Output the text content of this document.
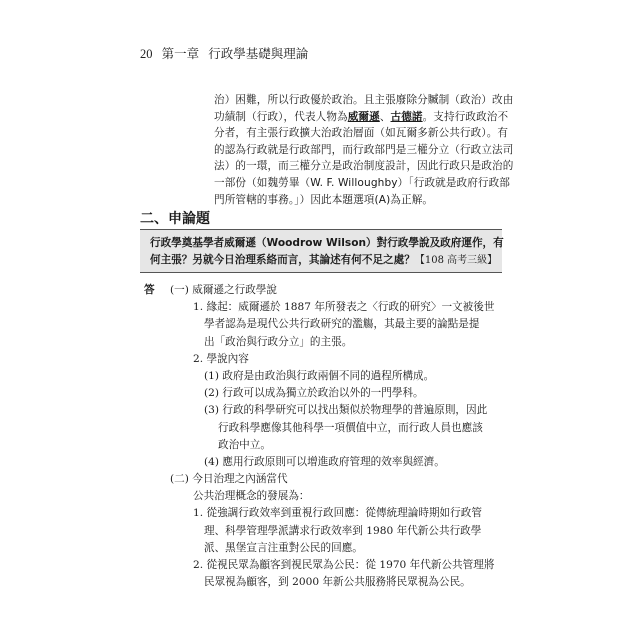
20 第一章 行政學基礎與理論
治）困難，所以行政優於政治。且主張廢除分贓制（政治）改由
功績制（行政），代表人物為威爾遜、古德諾。支持行政政治不
分者，有主張行政擴大治政治層面（如瓦爾多新公共行政）。有
的認為行政就是行政部門，而行政部門是三權分立（行政立法司
法）的一環，而三權分立是政治制度設計，因此行政只是政治的
一部份（如魏勞畢（W. F. Willoughby）「行政就是政府行政部
門所管轄的事務。」）因此本題選項(A)為正解。
二、申論題
行政學奠基學者威爾遜（Woodrow Wilson）對行政學說及政府運作，有
何主張？另就今日治理系絡而言，其論述有何不足之處？【108 高考三級】
答 (一) 威爾遜之行政學說
1. 緣起：威爾遜於 1887 年所發表之〈行政的研究〉一文被後世
學者認為是現代公共行政研究的濫觴，其最主要的論點是提
出「政治與行政分立」的主張。
2. 學說內容
(1) 政府是由政治與行政兩個不同的過程所構成。
(2) 行政可以成為獨立於政治以外的一門學科。
(3) 行政的科學研究可以找出類似於物理學的普遍原則，因此
行政科學應像其他科學一項價值中立，而行政人員也應該
政治中立。
(4) 應用行政原則可以增進政府管理的效率與經濟。
(二) 今日治理之內涵當代
公共治理概念的發展為：
1. 從強調行政效率到重視行政回應：從傳統理論時期如行政管
理、科學管理學派講求行政效率到 1980 年代新公共行政學
派、黑堡宣言注重對公民的回應。
2. 從視民眾為顧客到視民眾為公民：從 1970 年代新公共管理將
民眾視為顧客，到 2000 年新公共服務將民眾視為公民。
